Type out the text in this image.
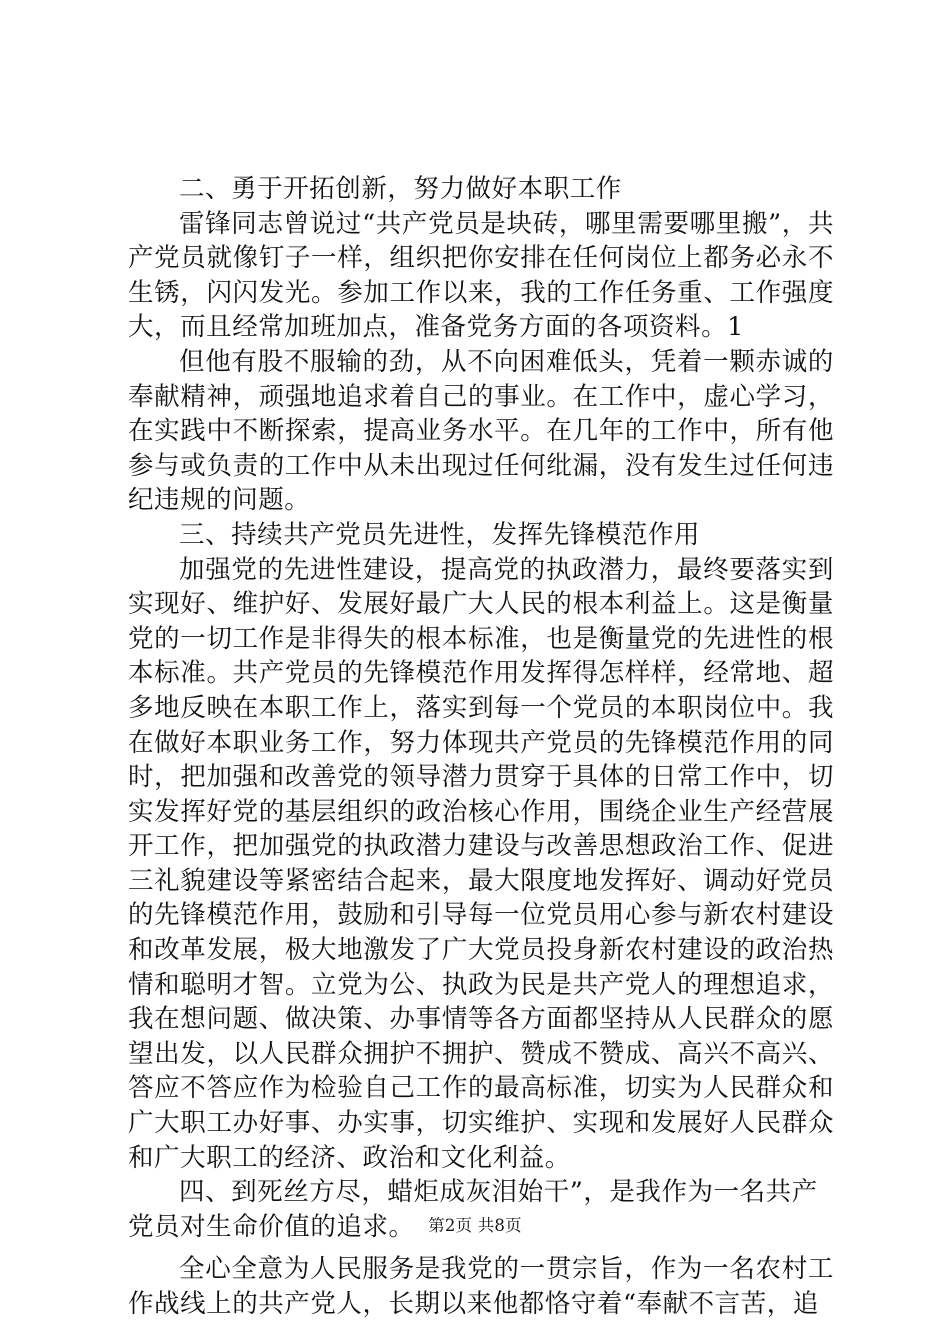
二、勇于开拓创新，努力做好本职工作

雷锋同志曾说过“共产党员是块砖，哪里需要哪里搬”，共产党员就像钉子一样，组织把你安排在任何岗位上都务必永不生锈，闪闪发光。参加工作以来，我的工作任务重、工作强度大，而且经常加班加点，准备党务方面的各项资料。1

但他有股不服输的劲，从不向困难低头，凭着一颗赤诚的奉献精神，顽强地追求着自己的事业。在工作中，虚心学习，在实践中不断探索，提高业务水平。在几年的工作中，所有他参与或负责的工作中从未出现过任何纰漏，没有发生过任何违纪违规的问题。

三、持续共产党员先进性，发挥先锋模范作用

加强党的先进性建设，提高党的执政潜力，最终要落实到实现好、维护好、发展好最广大人民的根本利益上。这是衡量党的一切工作是非得失的根本标准，也是衡量党的先进性的根本标准。共产党员的先锋模范作用发挥得怎样样，经常地、超多地反映在本职工作上，落实到每一个党员的本职岗位中。我在做好本职业务工作，努力体现共产党员的先锋模范作用的同时，把加强和改善党的领导潜力贯穿于具体的日常工作中，切实发挥好党的基层组织的政治核心作用，围绕企业生产经营展开工作，把加强党的执政潜力建设与改善思想政治工作、促进三礼貌建设等紧密结合起来，最大限度地发挥好、调动好党员的先锋模范作用，鼓励和引导每一位党员用心参与新农村建设和改革发展，极大地激发了广大党员投身新农村建设的政治热情和聪明才智。立党为公、执政为民是共产党人的理想追求，我在想问题、做决策、办事情等各方面都坚持从人民群众的愿望出发，以人民群众拥护不拥护、赞成不赞成、高兴不高兴、答应不答应作为检验自己工作的最高标准，切实为人民群众和广大职工办好事、办实事，切实维护、实现和发展好人民群众和广大职工的经济、政治和文化利益。

四、到死丝方尽，蜡炬成灰泪始干”，是我作为一名共产党员对生命价值的追求。

全心全意为人民服务是我党的一贯宗旨，作为一名农村工作战线上的共产党人，长期以来他都恪守着“奉献不言苦，追

第2页 共8页
